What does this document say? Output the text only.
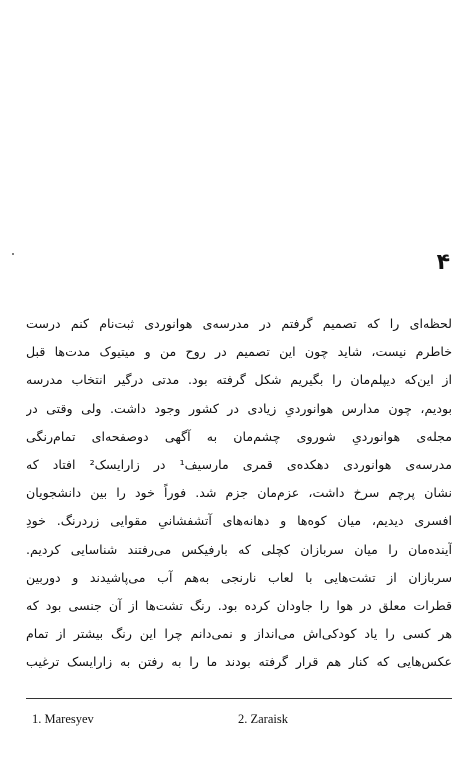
۴
لحظه‌ای را که تصمیم گرفتم در مدرسه‌ی هوانوردی ثبت‌نام کنم درست
خاطرم نیست، شاید چون این تصمیم در روح من و میتیوک مدت‌ها قبل
از این‌که دیپلم‌مان را بگیریم شکل گرفته بود. مدتی درگیر انتخاب مدرسه
بودیم، چون مدارس هوانوردیِ زیادی در کشور وجود داشت. ولی وقتی در
مجله‌ی هوانوردیِ شوروی چشم‌مان به آگهی دوصفحه‌ای تمام‌رنگی
مدرسه‌ی هوانوردی دهکده‌ی قمری مارسیف¹ در زارایسک² افتاد که
نشان پرچم سرخ داشت، عزم‌مان جزم شد. فوراً خود را بین دانشجویان
افسری دیدیم، میان کوه‌ها و دهانه‌های آتشفشانیِ مقوایی زردرنگ. خودِ
آینده‌مان را میان سربازان کچلی که بارفیکس می‌رفتند شناسایی کردیم.
سربازان از تشت‌هایی با لعاب نارنجی به‌هم آب می‌پاشیدند و دوربین
قطرات معلق در هوا را جاودان کرده بود. رنگ تشت‌ها از آن جنسی بود که
هر کسی را یاد کودکی‌اش می‌انداز و نمی‌دانم چرا این رنگ بیشتر از تمام
عکس‌هایی که کنار هم قرار گرفته بودند ما را به رفتن به زارایسک ترغیب
1. Maresyev	2. Zaraisk
